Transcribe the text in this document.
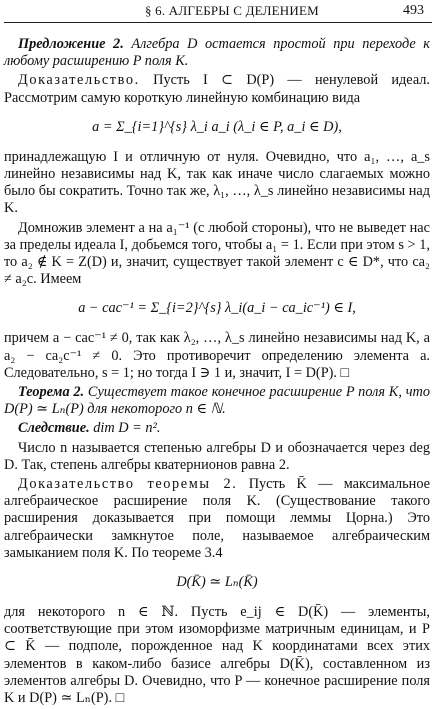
§ 6. АЛГЕБРЫ С ДЕЛЕНИЕМ	493

Предложение 2. Алгебра D остается простой при переходе к любому расширению P поля K.

Доказательство. Пусть I ⊂ D(P) — ненулевой идеал. Рассмотрим самую короткую линейную комбинацию вида

a = Σ_{i=1}^{s} λ_i a_i (λ_i ∈ P, a_i ∈ D),

принадлежащую I и отличную от нуля. Очевидно, что a₁, …, a_s линейно независимы над K, так как иначе число слагаемых можно было бы сократить. Точно так же, λ₁, …, λ_s линейно независимы над K.

Домножив элемент a на a₁⁻¹ (с любой стороны), что не выведет нас за пределы идеала I, добьемся того, чтобы a₁ = 1. Если при этом s > 1, то a₂ ∉ K = Z(D) и, значит, существует такой элемент c ∈ D*, что ca₂ ≠ a₂c. Имеем

a − cac⁻¹ = Σ_{i=2}^{s} λ_i(a_i − ca_ic⁻¹) ∈ I,

причем a − cac⁻¹ ≠ 0, так как λ₂, …, λ_s линейно независимы над K, а a₂ − ca₂c⁻¹ ≠ 0. Это противоречит определению элемента a. Следовательно, s = 1; но тогда I ∋ 1 и, значит, I = D(P). □

Теорема 2. Существует такое конечное расширение P поля K, что D(P) ≃ Lₙ(P) для некоторого n ∈ ℕ.

Следствие. dim D = n².

Число n называется степенью алгебры D и обозначается через deg D. Так, степень алгебры кватернионов равна 2.

Доказательство теоремы 2. Пусть K̄ — максимальное алгебраическое расширение поля K. (Существование такого расширения доказывается при помощи леммы Цорна.) Это алгебраически замкнутое поле, называемое алгебраическим замыканием поля K. По теореме 3.4

D(K̄) ≃ Lₙ(K̄)

для некоторого n ∈ ℕ. Пусть e_ij ∈ D(K̄) — элементы, соответствующие при этом изоморфизме матричным единицам, и P ⊂ K̄ — подполе, порожденное над K координатами всех этих элементов в каком-либо базисе алгебры D(K̄), составленном из элементов алгебры D. Очевидно, что P — конечное расширение поля K и D(P) ≃ Lₙ(P). □
